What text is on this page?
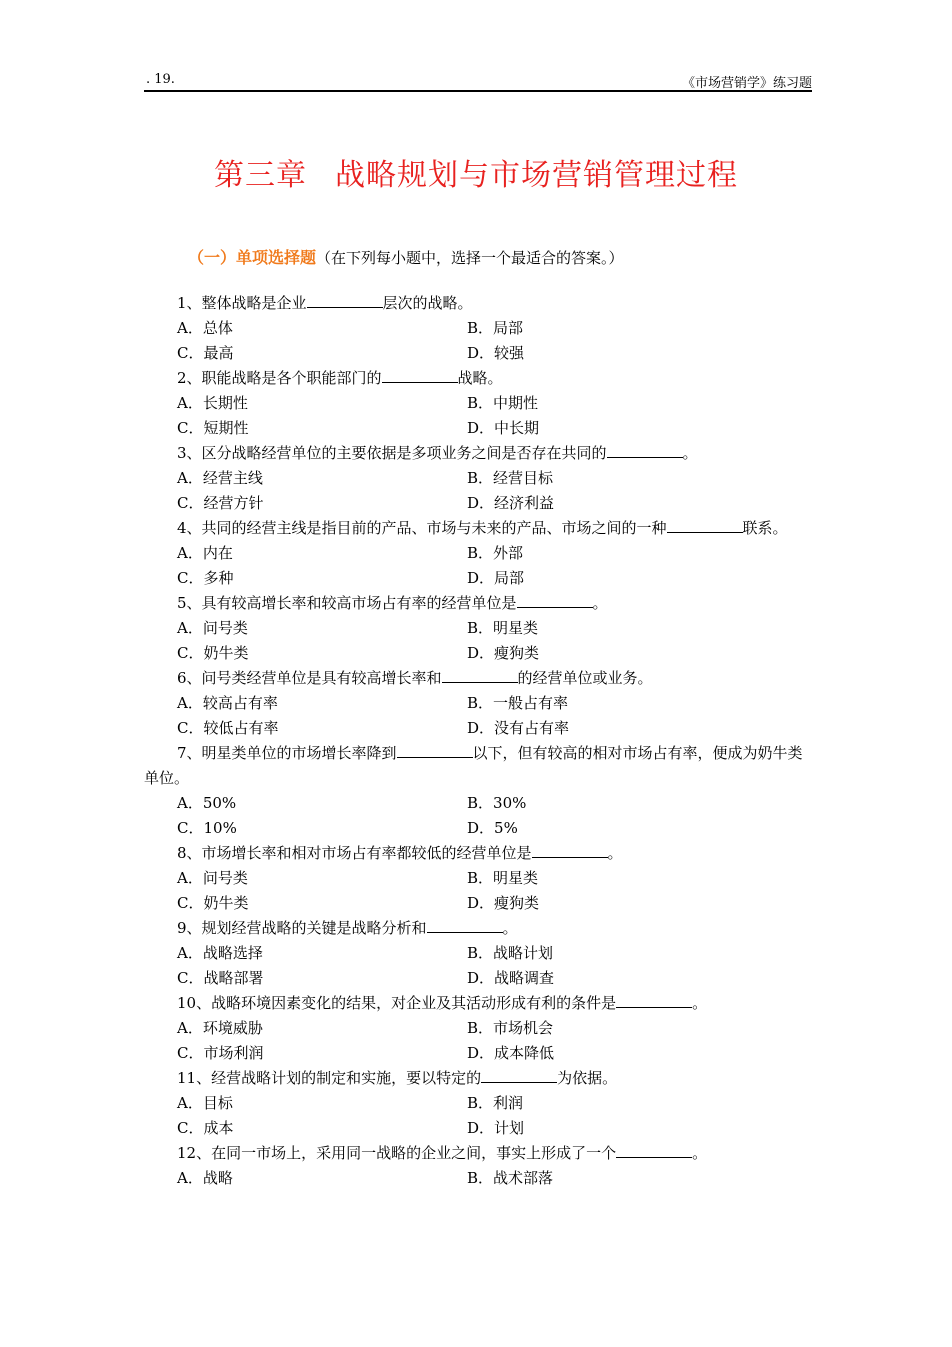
. 19.	《市场营销学》练习题
第三章 战略规划与市场营销管理过程
（一）单项选择题（在下列每小题中，选择一个最适合的答案。）
1、整体战略是企业	层次的战略。
A．总体	B．局部
C．最高	D．较强
2、职能战略是各个职能部门的	战略。
A．长期性	B．中期性
C．短期性	D．中长期
3、区分战略经营单位的主要依据是多项业务之间是否存在共同的	。
A．经营主线	B．经营目标
C．经营方针	D．经济利益
4、共同的经营主线是指目前的产品、市场与未来的产品、市场之间的一种	联系。
A．内在	B．外部
C．多种	D．局部
5、具有较高增长率和较高市场占有率的经营单位是	。
A．问号类	B．明星类
C．奶牛类	D．瘦狗类
6、问号类经营单位是具有较高增长率和	的经营单位或业务。
A．较高占有率	B．一般占有率
C．较低占有率	D．没有占有率
7、明星类单位的市场增长率降到	以下，但有较高的相对市场占有率，便成为奶牛类单位。
A．50%	B．30%
C．10%	D．5%
8、市场增长率和相对市场占有率都较低的经营单位是	。
A．问号类	B．明星类
C．奶牛类	D．瘦狗类
9、规划经营战略的关键是战略分析和	。
A．战略选择	B．战略计划
C．战略部署	D．战略调查
10、战略环境因素变化的结果，对企业及其活动形成有利的条件是	。
A．环境威胁	B．市场机会
C．市场利润	D．成本降低
11、经营战略计划的制定和实施，要以特定的	为依据。
A．目标	B．利润
C．成本	D．计划
12、在同一市场上，采用同一战略的企业之间，事实上形成了一个	。
A．战略	B．战术部落
